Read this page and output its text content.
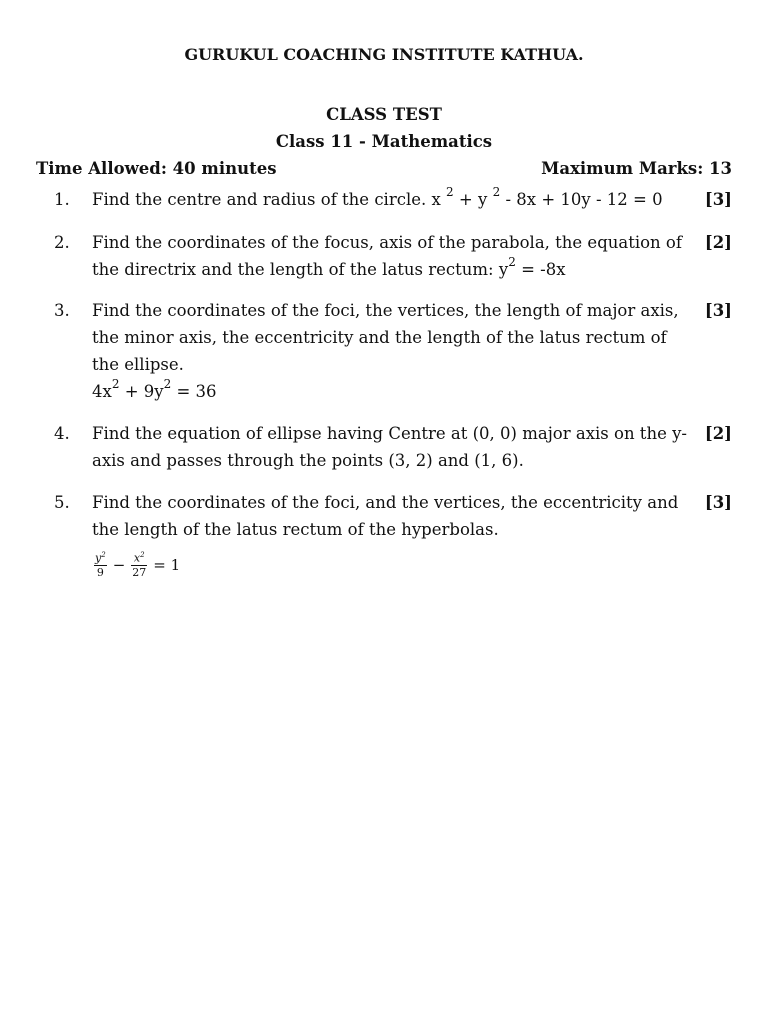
GURUKUL COACHING INSTITUTE KATHUA.
CLASS TEST
Class 11 - Mathematics
Time Allowed: 40 minutes	Maximum Marks: 13
1.	Find the centre and radius of the circle. x $^2$ + y $^2$ - 8x + 10y - 12 = 0	[3]
2.	Find the coordinates of the focus, axis of the parabola, the equation of the directrix and the length of the latus rectum: $y^2 = -8x$
[2]
3.	Find the coordinates of the foci, the vertices, the length of major axis, the minor axis, the eccentricity and the length of the latus rectum of the ellipse.
$4x^2 + 9y^2 = 36$
[3]
4.	Find the equation of ellipse having Centre at (0, 0) major axis on the y-axis and passes through the points (3, 2) and (1, 6).
[2]
5.	Find the coordinates of the foci, and the vertices, the eccentricity and the length of the latus rectum of the hyperbolas.
$\frac{y^2}{9} - \frac{x^2}{27} = 1$
[3]
